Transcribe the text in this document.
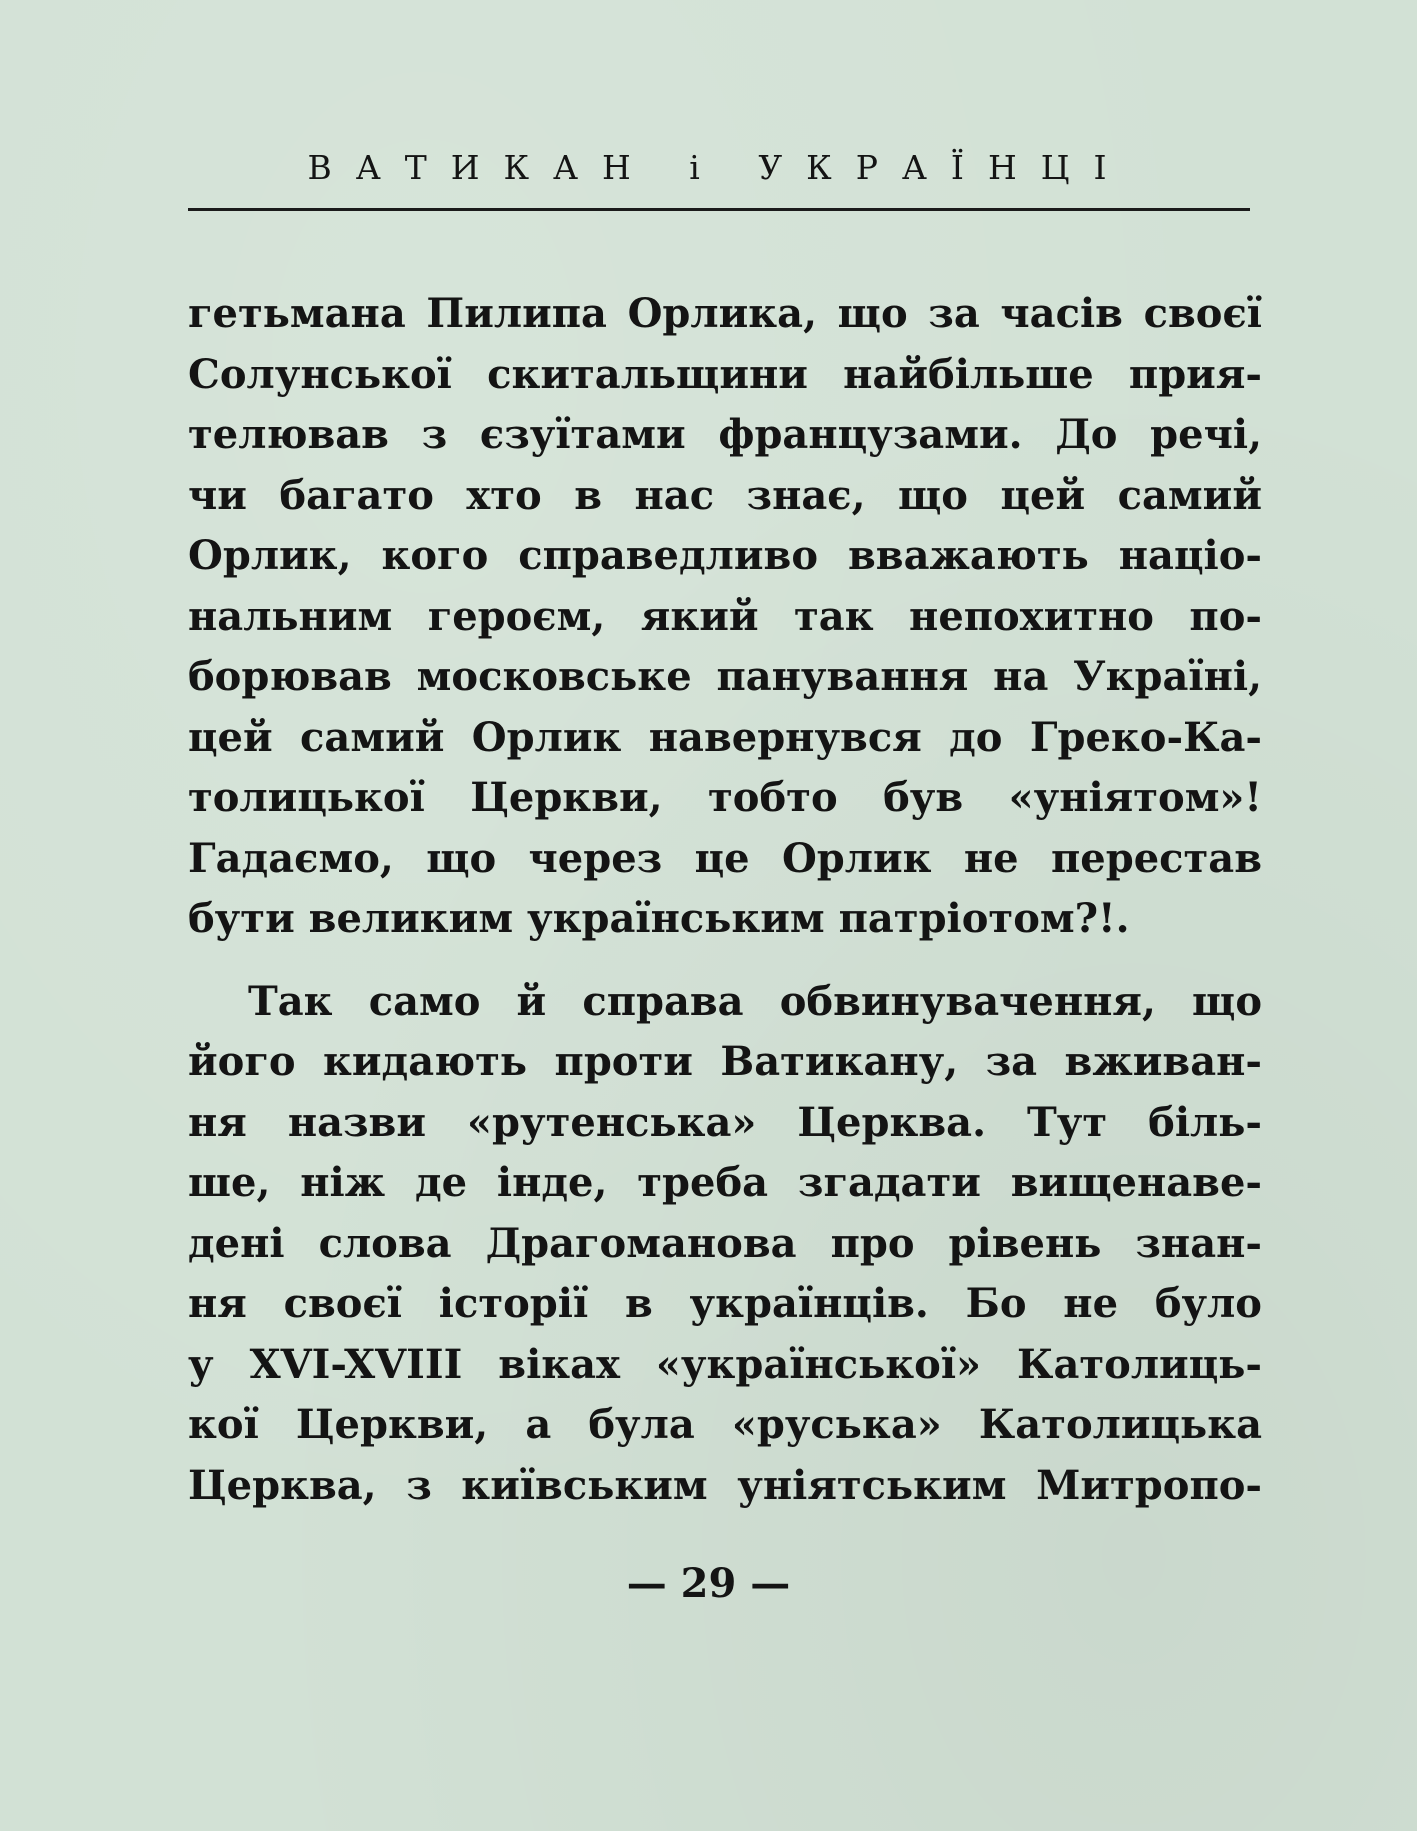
ВАТИКАН і УКРАЇНЦІ
гетьмана Пилипа Орлика, що за часів своєї
Солунської скитальщини найбільше прия-
телював з єзуїтами французами. До речі,
чи багато хто в нас знає, що цей самий
Орлик, кого справедливо вважають націо-
нальним героєм, який так непохитно по-
борював московське панування на Україні,
цей самий Орлик навернувся до Греко-Ка-
толицької Церкви, тобто був «уніятом»!
Гадаємо, що через це Орлик не перестав
бути великим українським патріотом?!.
Так само й справа обвинувачення, що
його кидають проти Ватикану, за вживан-
ня назви «рутенська» Церква. Тут біль-
ше, ніж де інде, треба згадати вищенаве-
дені слова Драгоманова про рівень знан-
ня своєї історії в українців. Бо не було
у XVI-XVIII віках «української» Католиць-
кої Церкви, а була «руська» Католицька
Церква, з київським уніятським Митропо-
— 29 —
